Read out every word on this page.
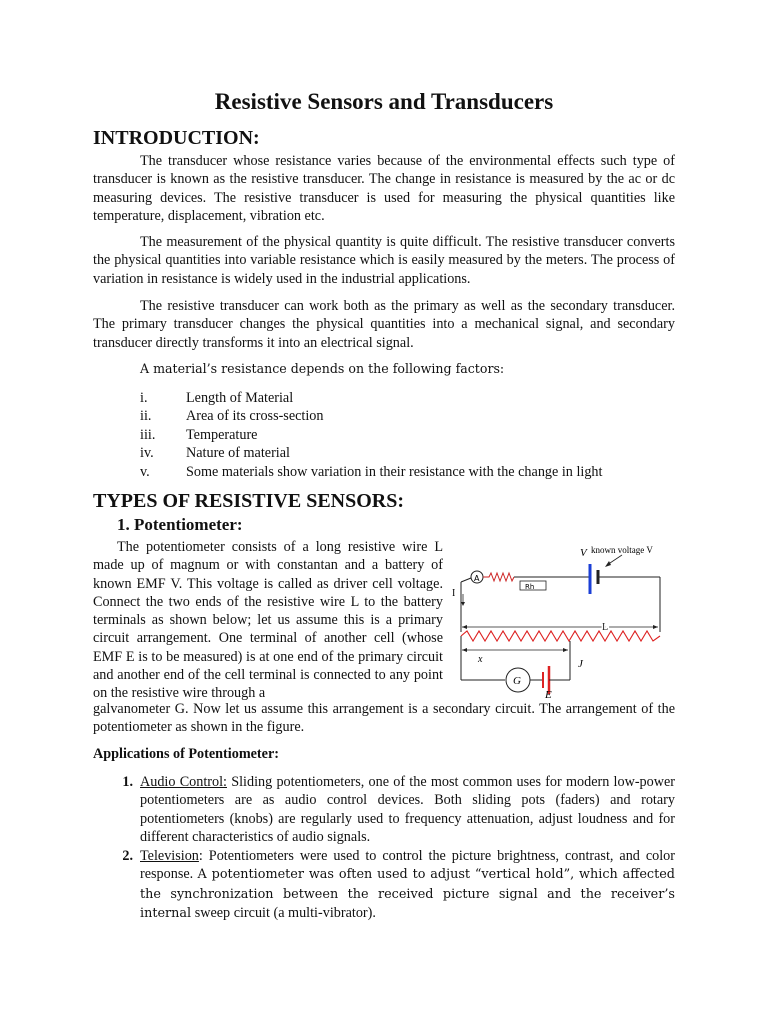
Resistive Sensors and Transducers
INTRODUCTION:

The transducer whose resistance varies because of the environmental effects such type of transducer is known as the resistive transducer. The change in resistance is measured by the ac or dc measuring devices. The resistive transducer is used for measuring the physical quantities like temperature, displacement, vibration etc.

The measurement of the physical quantity is quite difficult. The resistive transducer converts the physical quantities into variable resistance which is easily measured by the meters. The process of variation in resistance is widely used in the industrial applications.

The resistive transducer can work both as the primary as well as the secondary transducer. The primary transducer changes the physical quantities into a mechanical signal, and secondary transducer directly transforms it into an electrical signal.

A material’s resistance depends on the following factors:

i.	Length of Material
ii.	Area of its cross-section
iii.	Temperature
iv.	Nature of material
v.	Some materials show variation in their resistance with the change in light
TYPES OF RESISTIVE SENSORS:
1. Potentiometer:

The potentiometer consists of a long resistive wire L made up of magnum or with constantan and a battery of known EMF V. This voltage is called as driver cell voltage. Connect the two ends of the resistive wire L to the battery terminals as shown below; let us assume this is a primary circuit arrangement. One terminal of another cell (whose EMF E is to be measured) is at one end of the primary circuit and another end of the cell terminal is connected to any point on the resistive wire through a

A
Rh
V known voltage V
I
L
G
E
J
x

galvanometer G. Now let us assume this arrangement is a secondary circuit. The arrangement of the potentiometer as shown in the figure.

Applications of Potentiometer:

1. Audio Control: Sliding potentiometers, one of the most common uses for modern low-power potentiometers are as audio control devices. Both sliding pots (faders) and rotary potentiometers (knobs) are regularly used to frequency attenuation, adjust loudness and for different characteristics of audio signals.
2. Television: Potentiometers were used to control the picture brightness, contrast, and color response. A potentiometer was often used to adjust “vertical hold”, which affected the synchronization between the received picture signal and the receiver’s internal sweep circuit (a multi-vibrator).
